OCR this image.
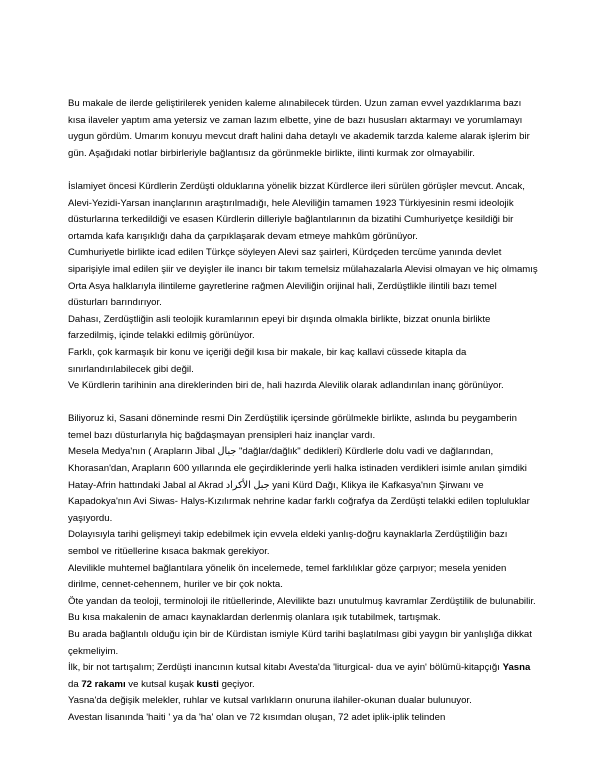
Bu makale de ilerde geliştirilerek yeniden kaleme alınabilecek türden. Uzun zaman evvel yazdıklarıma bazı kısa ilaveler yaptım ama yetersiz ve zaman lazım elbette, yine de bazı hususları aktarmayı ve yorumlamayı uygun gördüm. Umarım konuyu mevcut draft halini daha detaylı ve akademik tarzda kaleme alarak işlerim bir gün. Aşağıdaki notlar birbirleriyle bağlantısız da görünmekle birlikte, ilinti kurmak zor olmayabilir.

İslamiyet öncesi Kürdlerin Zerdüşti olduklarına yönelik bizzat Kürdlerce ileri sürülen görüşler mevcut. Ancak, Alevi-Yezidi-Yarsan inançlarının araştırılmadığı, hele Aleviliğin tamamen 1923 Türkiyesinin resmi ideolojik düsturlarına terkedildiği ve esasen Kürdlerin dilleriyle bağlantılarının da bizatihi Cumhuriyetçe kesildiği bir ortamda kafa karışıklığı daha da çarpıklaşarak devam etmeye mahkûm görünüyor.

Cumhuriyetle birlikte icad edilen Türkçe söyleyen Alevi saz şairleri, Kürdçeden tercüme yanında devlet siparişiyle imal edilen şiir ve deyişler ile inancı bir takım temelsiz mülahazalarla Alevisi olmayan ve hiç olmamış Orta Asya halklarıyla ilintileme gayretlerine rağmen Aleviliğin orijinal hali, Zerdüştlikle ilintili bazı temel düsturları barındırıyor.

Dahası, Zerdüştliğin asli teolojik kuramlarının epeyi bir dışında olmakla birlikte, bizzat onunla birlikte farzedilmiş, içinde telakki edilmiş görünüyor.

Farklı, çok karmaşık bir konu ve içeriği değil kısa bir makale, bir kaç kallavi cüssede kitapla da sınırlandırılabilecek gibi değil.

Ve Kürdlerin tarihinin ana direklerinden biri de, hali hazırda Alevilik olarak adlandırılan inanç görünüyor.

Biliyoruz ki, Sasani döneminde resmi Din Zerdüştilik içersinde görülmekle birlikte, aslında bu peygamberin temel bazı düsturlarıyla hiç bağdaşmayan prensipleri haiz inançlar vardı.

Mesela Medya'nın ( Arapların Jibal جبال "dağlar/dağlık" dedikleri) Kürdlerle dolu vadi ve dağlarından, Khorasan'dan, Arapların 600 yıllarında ele geçirdiklerinde yerli halka istinaden verdikleri isimle anılan şimdiki Hatay-Afrin hattındaki Jabal al Akrad جبل الأكراد yani Kürd Dağı, Klikya ile Kafkasya'nın Şirwanı ve Kapadokya'nın Avi Siwas- Halys-Kızılırmak nehrine kadar farklı coğrafya da Zerdüşti telakki edilen topluluklar yaşıyordu.

Dolayısıyla tarihi gelişmeyi takip edebilmek için evvela eldeki yanlış-doğru kaynaklarla Zerdüştiliğin bazı sembol ve ritüellerine kısaca bakmak gerekiyor.

Alevilikle muhtemel bağlantılara yönelik ön incelemede, temel farklılıklar göze çarpıyor; mesela yeniden dirilme, cennet-cehennem, huriler ve bir çok nokta.

Öte yandan da teoloji, terminoloji ile ritüellerinde, Alevilikte bazı unutulmuş kavramlar Zerdüştilik de bulunabilir.

Bu kısa makalenin de amacı kaynaklardan derlenmiş olanlara ışık tutabilmek, tartışmak.

Bu arada bağlantılı olduğu için bir de Kürdistan ismiyle Kürd tarihi başlatılması gibi yaygın bir yanlışlığa dikkat çekmeliyim.

İlk, bir not tartışalım; Zerdüşti inancının kutsal kitabı Avesta'da 'liturgical- dua ve ayin' bölümü-kitapçığı Yasna da 72 rakamı ve kutsal kuşak kusti geçiyor.

Yasna'da değişik melekler, ruhlar ve kutsal varlıkların onuruna ilahiler-okunan dualar bulunuyor.

Avestan lisanında 'haiti ' ya da 'ha' olan ve 72 kısımdan oluşan, 72 adet iplik-iplik telinden
